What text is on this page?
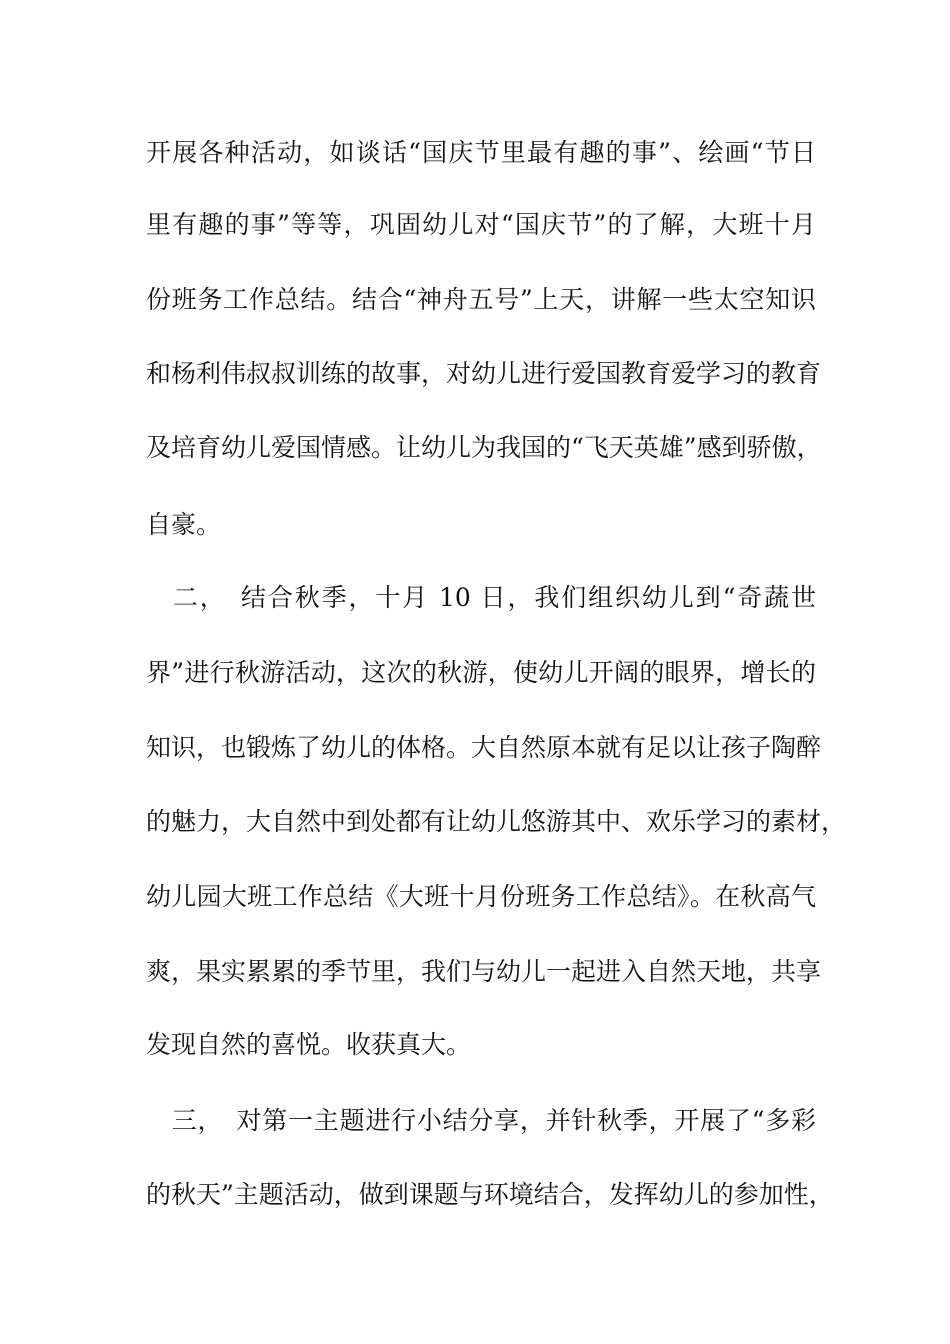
开展各种活动，如谈话“国庆节里最有趣的事”、绘画“节日
里有趣的事”等等，巩固幼儿对“国庆节”的了解，大班十月
份班务工作总结。结合“神舟五号”上天，讲解一些太空知识
和杨利伟叔叔训练的故事，对幼儿进行爱国教育爱学习的教育
及培育幼儿爱国情感。让幼儿为我国的“飞天英雄”感到骄傲，
自豪。
　二，　结合秋季，十月 10 日，我们组织幼儿到“奇蔬世
界”进行秋游活动，这次的秋游，使幼儿开阔的眼界，增长的
知识，也锻炼了幼儿的体格。大自然原本就有足以让孩子陶醉
的魅力，大自然中到处都有让幼儿悠游其中、欢乐学习的素材，
幼儿园大班工作总结《大班十月份班务工作总结》。在秋高气
爽，果实累累的季节里，我们与幼儿一起进入自然天地，共享
发现自然的喜悦。收获真大。
　三，　对第一主题进行小结分享，并针秋季，开展了“多彩
的秋天”主题活动，做到课题与环境结合，发挥幼儿的参加性，
